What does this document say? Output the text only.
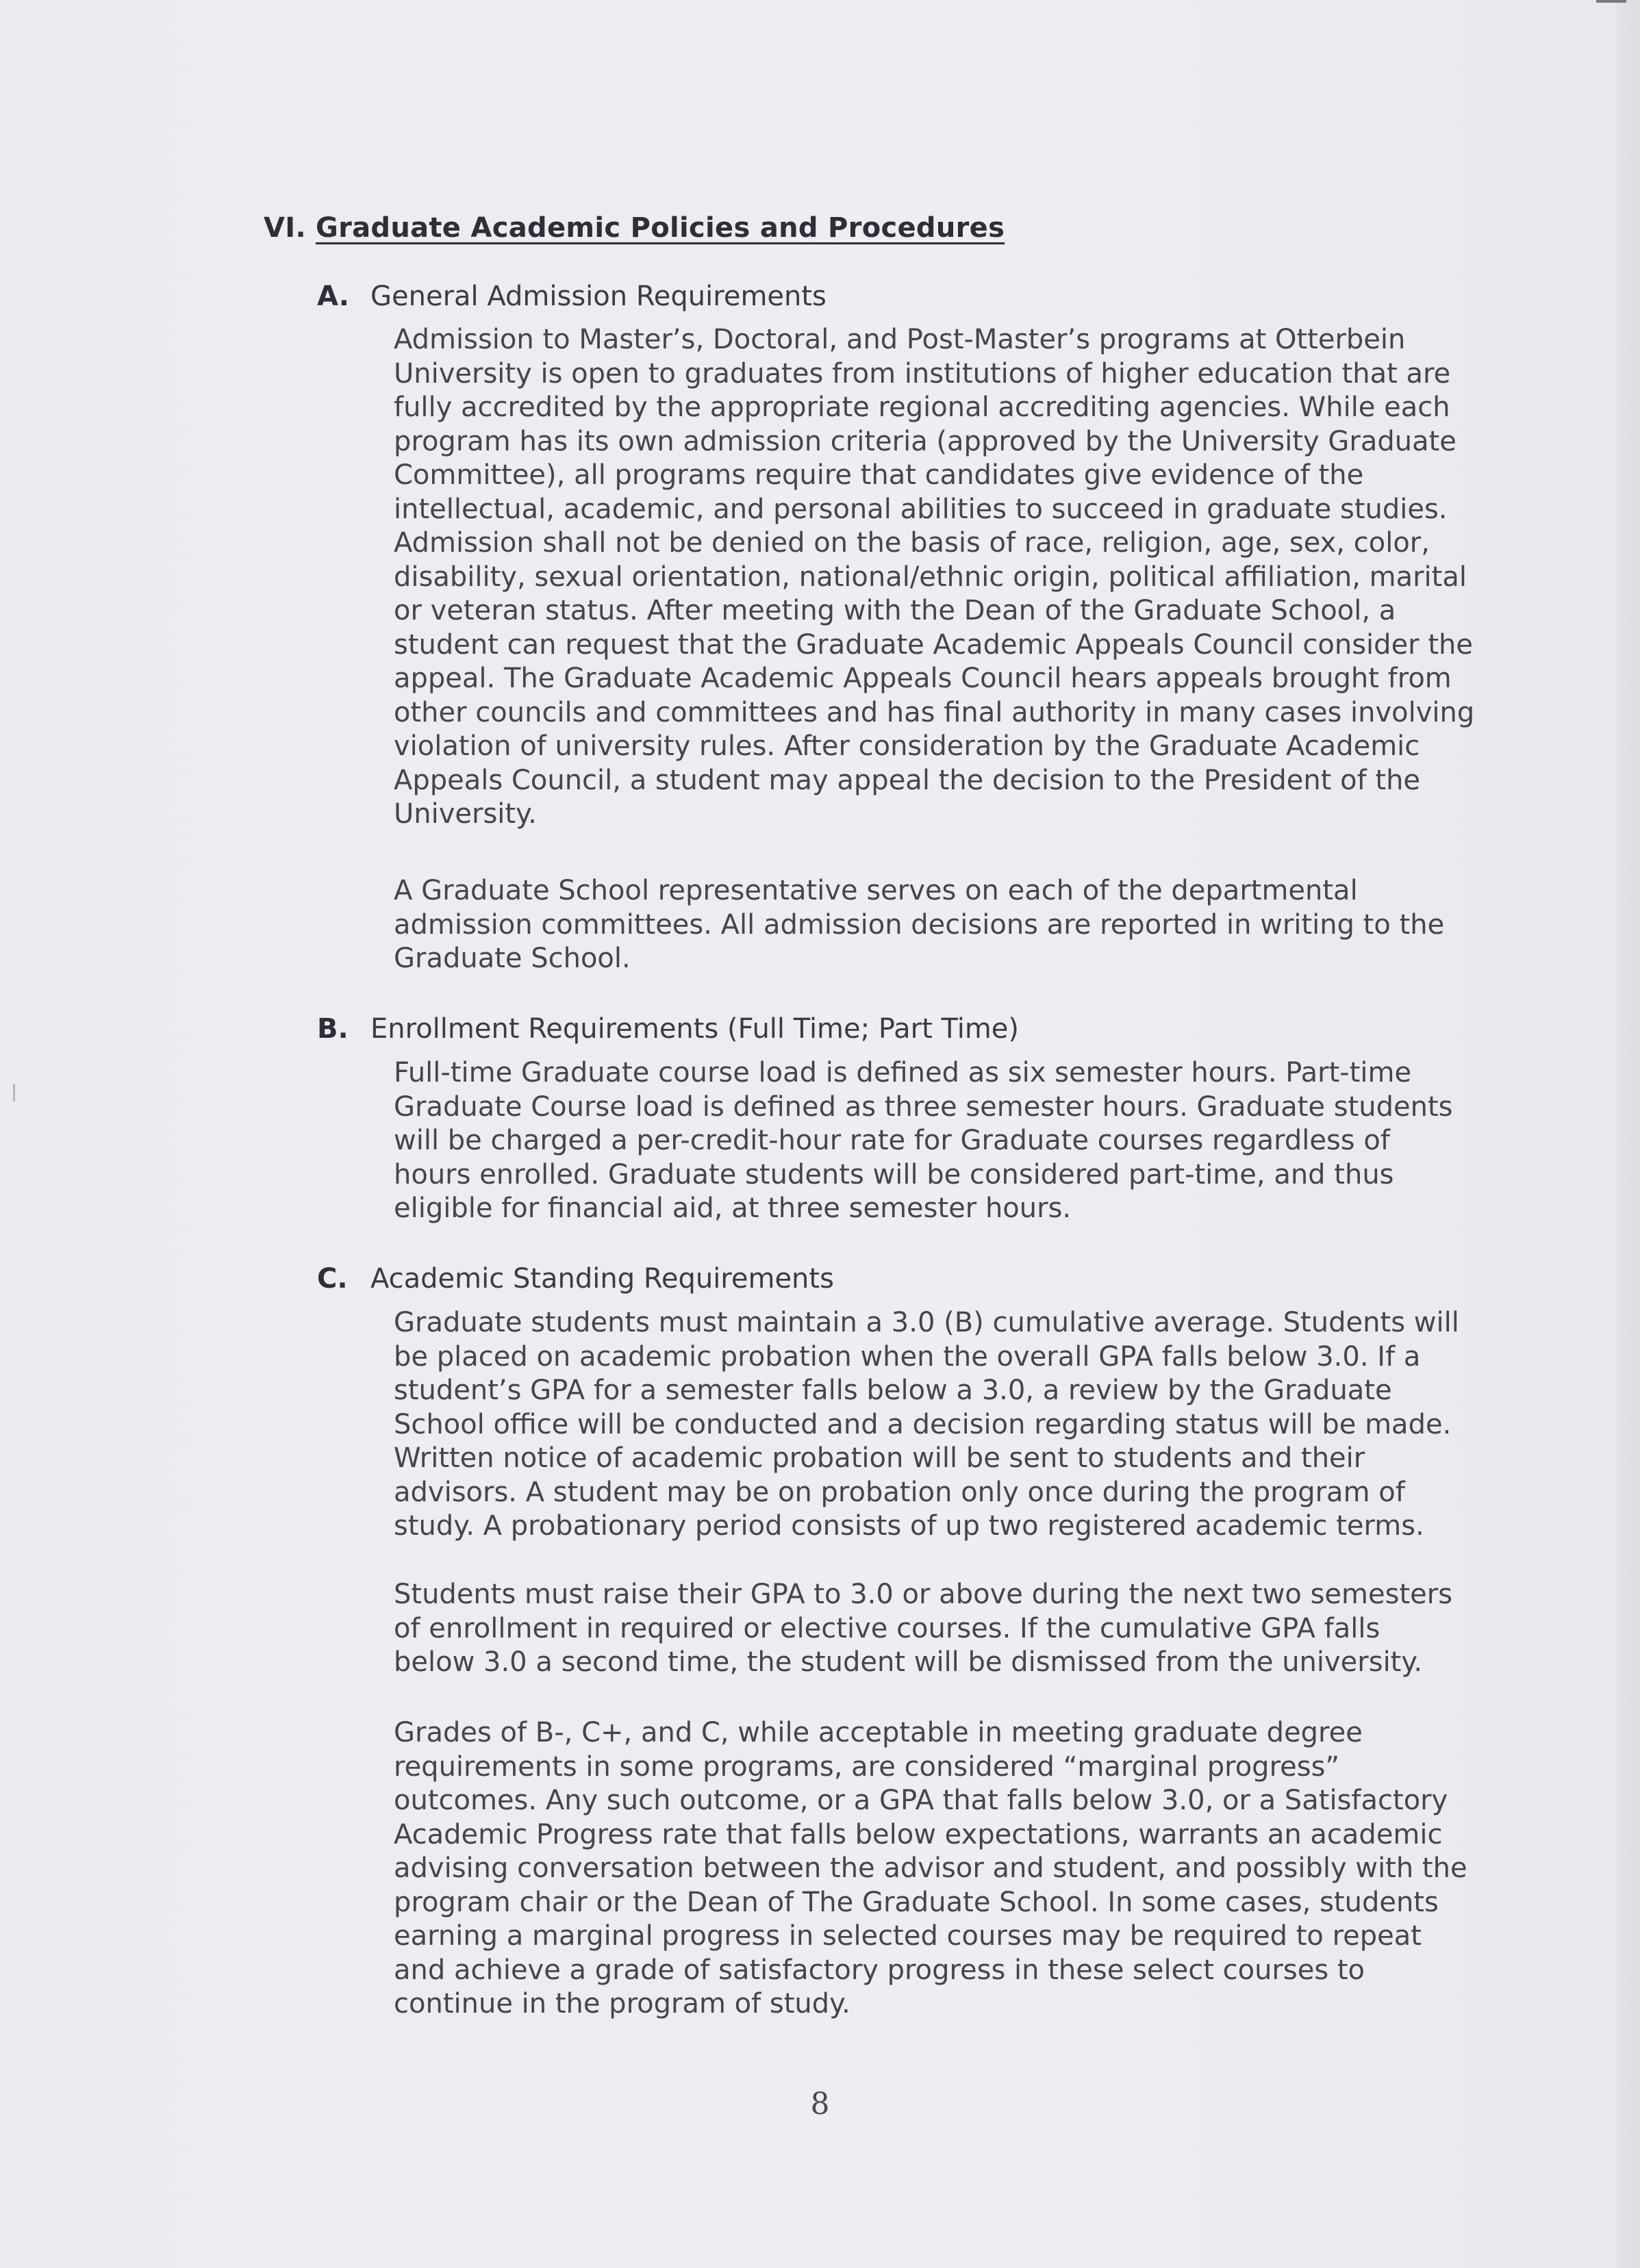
VI. Graduate Academic Policies and Procedures
A. General Admission Requirements

Admission to Master’s, Doctoral, and Post-Master’s programs at Otterbein
University is open to graduates from institutions of higher education that are
fully accredited by the appropriate regional accrediting agencies. While each
program has its own admission criteria (approved by the University Graduate
Committee), all programs require that candidates give evidence of the
intellectual, academic, and personal abilities to succeed in graduate studies.
Admission shall not be denied on the basis of race, religion, age, sex, color,
disability, sexual orientation, national/ethnic origin, political affiliation, marital
or veteran status. After meeting with the Dean of the Graduate School, a
student can request that the Graduate Academic Appeals Council consider the
appeal. The Graduate Academic Appeals Council hears appeals brought from
other councils and committees and has final authority in many cases involving
violation of university rules. After consideration by the Graduate Academic
Appeals Council, a student may appeal the decision to the President of the
University.

A Graduate School representative serves on each of the departmental
admission committees. All admission decisions are reported in writing to the
Graduate School.

B. Enrollment Requirements (Full Time; Part Time)

Full-time Graduate course load is defined as six semester hours. Part-time
Graduate Course load is defined as three semester hours. Graduate students
will be charged a per-credit-hour rate for Graduate courses regardless of
hours enrolled. Graduate students will be considered part-time, and thus
eligible for financial aid, at three semester hours.

C. Academic Standing Requirements

Graduate students must maintain a 3.0 (B) cumulative average. Students will
be placed on academic probation when the overall GPA falls below 3.0. If a
student’s GPA for a semester falls below a 3.0, a review by the Graduate
School office will be conducted and a decision regarding status will be made.
Written notice of academic probation will be sent to students and their
advisors. A student may be on probation only once during the program of
study. A probationary period consists of up two registered academic terms.

Students must raise their GPA to 3.0 or above during the next two semesters
of enrollment in required or elective courses. If the cumulative GPA falls
below 3.0 a second time, the student will be dismissed from the university.

Grades of B-, C+, and C, while acceptable in meeting graduate degree
requirements in some programs, are considered “marginal progress”
outcomes. Any such outcome, or a GPA that falls below 3.0, or a Satisfactory
Academic Progress rate that falls below expectations, warrants an academic
advising conversation between the advisor and student, and possibly with the
program chair or the Dean of The Graduate School. In some cases, students
earning a marginal progress in selected courses may be required to repeat
and achieve a grade of satisfactory progress in these select courses to
continue in the program of study.

8
